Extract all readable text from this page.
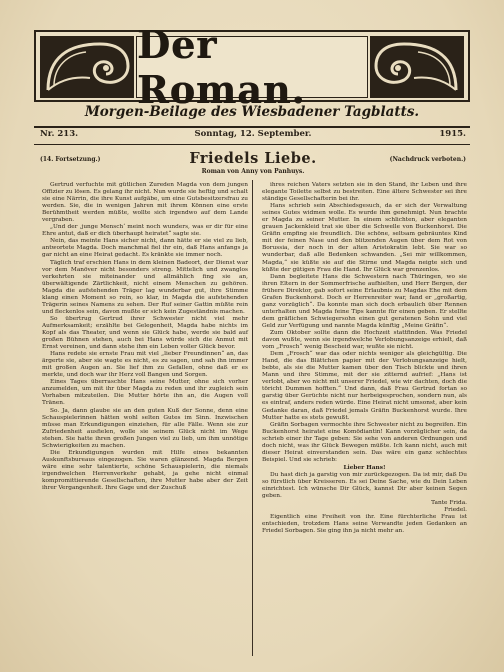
Der Roman.
Morgen-Beilage des Wiesbadener Tagblatts.
Nr. 213.	Sonntag, 12. September.	1915.
(14. Fortsetzung.)	Friedels Liebe.
Roman von Anny von Panhuys.
(Nachdruck verboten.)

Gertrud verfuchte mit gütlichen Zureden Magda von dem jungen Offizier zu lösen. Es gelang ihr nicht. Nun wurde sie heftig und schalt sie eine Närrin, die ihre Kunst aufgäbe, um eine Gutsbesitzersfrau zu werden. Sie, die in wenigen Jahren mit ihrem Können eine erste Berühmtheit werden müßte, wollte sich irgendwo auf dem Lande vergraben.

„Und der ‚junge Mensch‘ meint noch wunders, was er dir für eine Ehre antut, daß er dich überhaupt heiratet“ sagte sie.

Nein, das meinte Hans sicher nicht, dann hätte er sie viel zu lieb, antwortete Magda. Doch manchmal fiel ihr ein, daß Hans anfangs ja gar nicht an eine Heirat gedacht. Es kränkte sie immer noch.

Täglich traf erschien Hans in dem kleinen Badeort, der Dienst war vor dem Manöver nicht besonders streng. Mittelich und zwanglos verkehrten sie miteinander und allmählich fing sie an, überwältigende Zärtlichkeit, nicht einem Menschen zu gehören. Magda die aufstehenden Träger lag wunderbar gut, ihre Stimme klang einen Moment so rein, so klar, in Magda die aufstehenden Trägerin seines Namens zu sehen. Der Ruf seiner Gattin müßte rein und fleckenlos sein, davon mußte er sich kein Zugeständnis machen.

So übertrug Gertrud ihrer Schwester nicht viel mehr Aufmerksamkeit; erzählte bei Gelegenheit, Magda habe nichts im Kopf als das Theater, und wenn sie Glück habe, werde sie bald auf großen Bühnen stehen, auch bei Hans würde sich die Anmut mit Ernst vereinen, und dann stehe ihm ein Leben voller Glück bevor.

Hans redete sie ernste Frau mit viel „lieber Freundinnen“ an, das ärgerte sie, aber sie wagte es nicht, es zu sagen, und sah ihn immer mit großen Augen an. Sie lief ihm zu Gefallen, ohne daß er es merkte, und doch war ihr Herz voll Bangen und Sorgen.

Eines Tages überraschte Hans seine Mutter, ohne sich vorher anzumelden, um mit ihr über Magda zu reden und ihr zugleich sein Vorhaben mitzuteilen. Die Mutter hörte ihn an, die Augen voll Tränen.

So. Ja, dann glaube sie an den guten Kuß der Sonne, denn eine Schauspielerinnen hätten wohl selten Gutes im Sinn. Inzwischen müsse man Erkundigungen einziehen, für alle Fälle. Wenn sie zur Zufriedenheit ausfielen, wolle sie seinem Glück nicht im Wege stehen. Sie hatte ihren großen Jungen viel zu lieb, um ihm unnötige Schwierigkeiten zu machen.

Die Erkundigungen wurden mit Hilfe eines bekannten Auskunftsbureaus eingezogen. Sie waren glänzend. Magda Bergen wäre eine sehr talentierte, schöne Schauspielerin, die niemals irgendwelchen Herrenverkehr gehabt, ja gehe nicht einmal kompromittierende Gesellschaften, ihre Mutter habe aber der Zeit ihrer Vergangenheit. Ihre Gage und der Zuschuß

ihres reichen Vaters setzten sie in den Stand, ihr Leben und ihre elegante Toilette selbst zu bestreiten. Eine ältere Schwester sei ihre ständige Gesellschafterin bei ihr.

Hans schrieb sein Abschiedsgesuch, da er sich der Verwaltung seines Gutes widmen wolle. Es wurde ihm genehmigt. Nun brachte er Magda zu seiner Mutter. In einem schlichten, aber eleganten grauen Jackenkleid trat sie über die Schwelle von Buckenhorst. Die Gräfin empfing sie freundlich. Die schöne, seltsam gebräuntes Kind mit der feinen Nase und den blitzenden Augen über dem Rot von Borussia, der noch in der alten Aristokratin lebt. Sie war so wunderbar, daß alle Bedenken schwanden. „Sei mir willkommen, Magda,“ sie küßte sie auf die Stirne und Magda neigte sich und küßte der gütigen Frau die Hand. Ihr Glück war grenzenlos.

Dann begleitete Hans die Schwestern nach Thüringen, wo sie ihren Eltern in der Sommerfrische aufhielten, und Herr Bergen, der frühere Direktor, gab sofort seine Erlaubnis zu Magdas Ehe mit dem Grafen Buckenhorst. Doch er Herrenreiter war, fand er „großartig, ganz vorzüglich“. Da konnte man sich doch erbaulich über Rennen unterhalten und Magda feine Tips kannte für einen geben. Er stellte dem gräflichen Schwiegersohn einen gut geratenen Sohn und viel Geld zur Verfügung und nannte Magda künftig „Meine Gräfin“.

Zum Oktober sollte dann die Hochzeit stattfinden. Was Friedel davon wußte, wenn sie irgendwelche Verlobungsanzeige erhielt, daß vom „Frosch“ wenig Bescheid war, wußte sie nicht.

Dem „Frosch“ war das oder nichts weniger als gleichgültig. Die Hand, die das Blättchen papier mit der Verlobungsanzeige hielt, bebte, als sie die Mutter kamen über den Tisch blickte und ihren Mann und ihre Stimme, mit der sie zitternd aufrief: „Hans ist verlobt, aber wo nicht mit unserer Friedel, wie wir dachten, doch die töricht Dummen hofften.“ Und dann, daß Frau Gertrud fortan so garstig über Gerüchte nicht nur herbeigesprochen, sondern nun, als es eintraf, anders reden würde. Eine Heirat nicht umsonst, aber kein Gedanke daran, daß Friedel jemals Gräfin Buckenhorst wurde. Ihre Mutter hatte es stets gewußt.

Gräfin Sorbagen vermochte ihre Schwester nicht zu begreifen. Ein Buckenhorst heiratet eine Komödiantin! Kann vorzüglicher sein, da schrieb einer ihr Tage geben: Sie sehe von anderen Ordnungen und doch nicht, was ihr Glück Bewegen müßte. Ich kann nicht, auch mit dieser Heirat einverstanden sein. Das wäre ein ganz schlechtes Beispiel. Und sie schrieb:

Lieber Hans!

Du hast dich ja garstig von mir zurückgezogen. Da ist mir, daß Du so fürstlich über Kreisseren. Es sei Deine Sache, wie du Dein Leben einrichtest. Ich wünsche Dir Glück, kannst Dir aber keinen Segen geben.

Tante Frida.

Friedel.

Eigentlich eine Freiheit von ihr. Eine fürchterliche Frau ist entschieden, trotzdem Hans seine Verwandte jeden Gedanken an Friedel Sorbagen. Sie ging ihn ja nicht mehr an.
